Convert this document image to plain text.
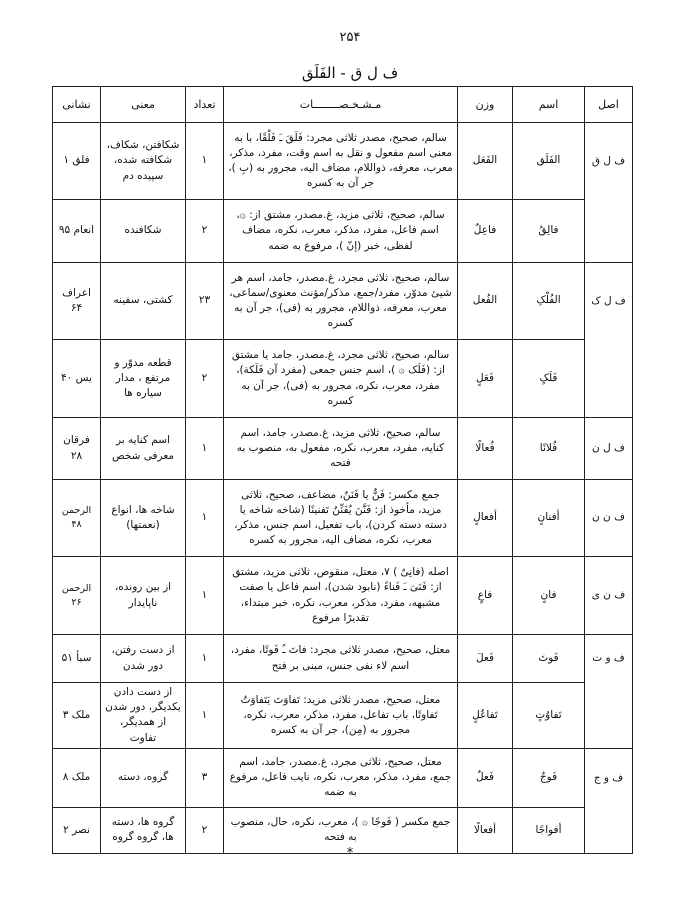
۲۵۴
ف ل ق - الفَلَق
اصل	اسم	وزن	مـشـخـصــــــــات	تعداد	معنی	نشانی
ف ل ق	الفَلَق	الفَعَل	سالم، صحیح، مصدر ثلاثی مجرد: فَلَقَ ـَ فَلْقًا، با به معنی اسم مفعول و نقل به اسم وقت، مفرد، مذکر، معرب، معرفه، ذواللام، مضاف الیه، مجرور به (بِ )، جر آن به کسره	۱	شکافتن، شکاف، شکافته شده، سپیده دم	فلق ۱
	فالِقُ	فاعِلٌ	سالم، صحیح، ثلاثی مزید، غ.مصدر، مشتق از: ۞، اسم فاعل، مفرد، مذکر، معرب، نکره، مضاف لفظی، خبر (إنّ )، مرفوع به ضمه	۲	شکافنده	انعام ۹۵
ف ل ک	الفُلْکِ	الفُعل	سالم، صحیح، ثلاثی مجرد، غ.مصدر، جامد، اسم هر شیئ مدوّر، مفرد/جمع، مذکر/مؤنث معنوی/سماعی، معرب، معرفه، ذواللام، مجرور به (فی)، جر آن به کسره	۲۳	کشتی، سفینه	اعراف ۶۴
	فَلَکٍ	فَعَلٍ	سالم، صحیح، ثلاثی مجرد، غ.مصدر، جامد یا مشتق از: (فَلَک ۞ )، اسم جنس جمعی (مفرد آن فَلَکة)، مفرد، معرب، نکره، مجرور به (فی)، جر آن به کسره	۲	قطعه مدوّر و مرتفع ، مدار سیاره ها	یس ۴۰
ف ل ن	فُلانًا	فُعالًا	سالم، صحیح، ثلاثی مزید، غ.مصدر، جامد، اسم کنایه، مفرد، معرب، نکره، مفعول به، منصوب به فتحه	۱	اسم کنایه بر معرفی شخص	فرقان ۲۸
ف ن ن	أفنانٍ	أفعالٍ	جمع مکسر: فَنٌّ یا فَنَنٌ، مضاعف، صحیح، ثلاثی مزید، مأخوذ از: فَنَّنَ یُفَنِّنُ تَفنینًا (شاخه شاخه یا دسته دسته کردن)، باب تفعیل، اسم جنس، مذکر، معرب، نکره، مضاف الیه، مجرور به کسره	۱	شاخه ها، انواع (نعمتها)	الرحمن ۴۸
ف ن ی	فانٍ	فاعٍ	اصله (فانِیٌ ) ۷، معتل، منقوص، ثلاثی مزید، مشتق از: فَنَیَ ـَ فَناءً (نابود شدن)، اسم فاعل یا صفت مشبهه، مفرد، مذکر، معرب، نکره، خبر مبتداء، تقدیرًا مرفوع	۱	از بین رونده، ناپایدار	الرحمن ۲۶
ف و ت	فَوتَ	فَعلَ	معتل، صحیح، مصدر ثلاثی مجرد: فاتَ ـُ فَوتًا، مفرد، اسم لاء نفی جنس، مبنی بر فتح	۱	از دست رفتن، دور شدن	سبأ ۵۱
	تَفاوُتٍ	تَفاعُلٍ	معتل، صحیح، مصدر ثلاثی مزید: تَفاوَتَ یَتَفاوَتُ تَفاوتًا، باب تفاعل، مفرد، مذکر، معرب، نکره، مجرور به (مِن)، جر آن به کسره	۱	از دست دادن یکدیگر، دور شدن از همدیگر، تفاوت	ملک ۳
ف و ج	فَوجٌ	فَعلٌ	معتل، صحیح، ثلاثی مجرد، غ.مصدر، جامد، اسم جمع، مفرد، مذکر، معرب، نکره، نایب فاعل، مرفوع به ضمه	۳	گروه، دسته	ملک ۸
	أفواجًا	أفعالًا	جمع مکسر ( فَوجًا ۞ )، معرب، نکره، حال، منصوب به فتحه	۲	گروه ها، دسته ها، گروه گروه	نصر ۲
*
